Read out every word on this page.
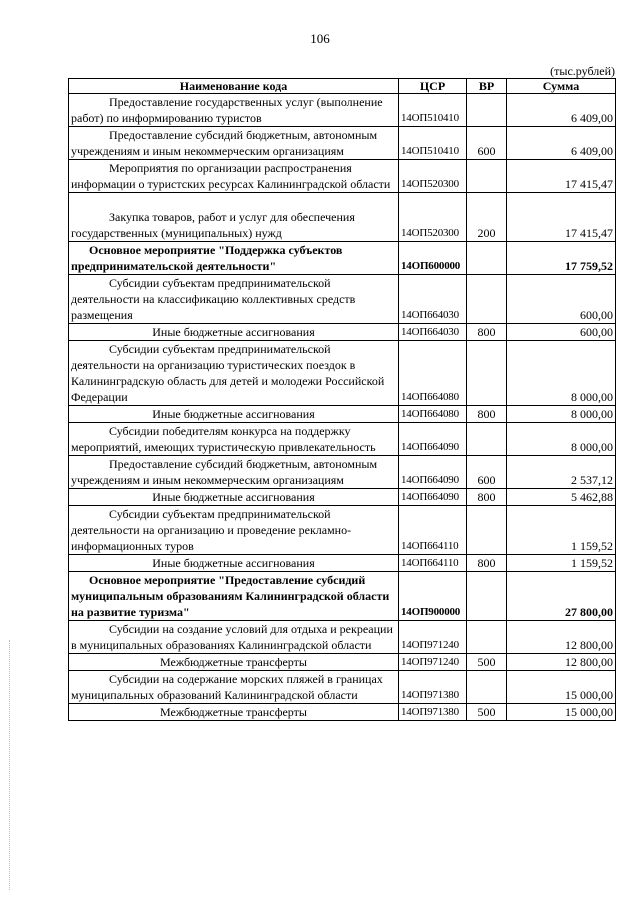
106
(тыс.рублей)
Наименование кода	ЦСР	ВР	Сумма
Предоставление государственных услуг (выполнение работ) по информированию туристов	14ОП510410		6 409,00
Предоставление субсидий бюджетным, автономным учреждениям и иным некоммерческим организациям	14ОП510410	600	6 409,00
Мероприятия по организации распространения информации о туристских ресурсах Калининградской области	14ОП520300		17 415,47
Закупка товаров, работ и услуг для обеспечения государственных (муниципальных) нужд	14ОП520300	200	17 415,47
Основное мероприятие "Поддержка субъектов предпринимательской деятельности"	14ОП600000		17 759,52
Субсидии субъектам предпринимательской деятельности на классификацию коллективных средств размещения	14ОП664030		600,00
Иные бюджетные ассигнования	14ОП664030	800	600,00
Субсидии субъектам предпринимательской деятельности на организацию туристических поездок в Калининградскую область для детей и молодежи Российской Федерации	14ОП664080		8 000,00
Иные бюджетные ассигнования	14ОП664080	800	8 000,00
Субсидии победителям конкурса на поддержку мероприятий, имеющих туристическую привлекательность	14ОП664090		8 000,00
Предоставление субсидий бюджетным, автономным учреждениям и иным некоммерческим организациям	14ОП664090	600	2 537,12
Иные бюджетные ассигнования	14ОП664090	800	5 462,88
Субсидии субъектам предпринимательской деятельности на организацию и проведение рекламно-информационных туров	14ОП664110		1 159,52
Иные бюджетные ассигнования	14ОП664110	800	1 159,52
Основное мероприятие "Предоставление субсидий муниципальным образованиям Калининградской области на развитие туризма"	14ОП900000		27 800,00
Субсидии на создание условий для отдыха и рекреации в муниципальных образованиях Калининградской области	14ОП971240		12 800,00
Межбюджетные трансферты	14ОП971240	500	12 800,00
Субсидии на содержание морских пляжей в границах муниципальных образований Калининградской области	14ОП971380		15 000,00
Межбюджетные трансферты	14ОП971380	500	15 000,00
